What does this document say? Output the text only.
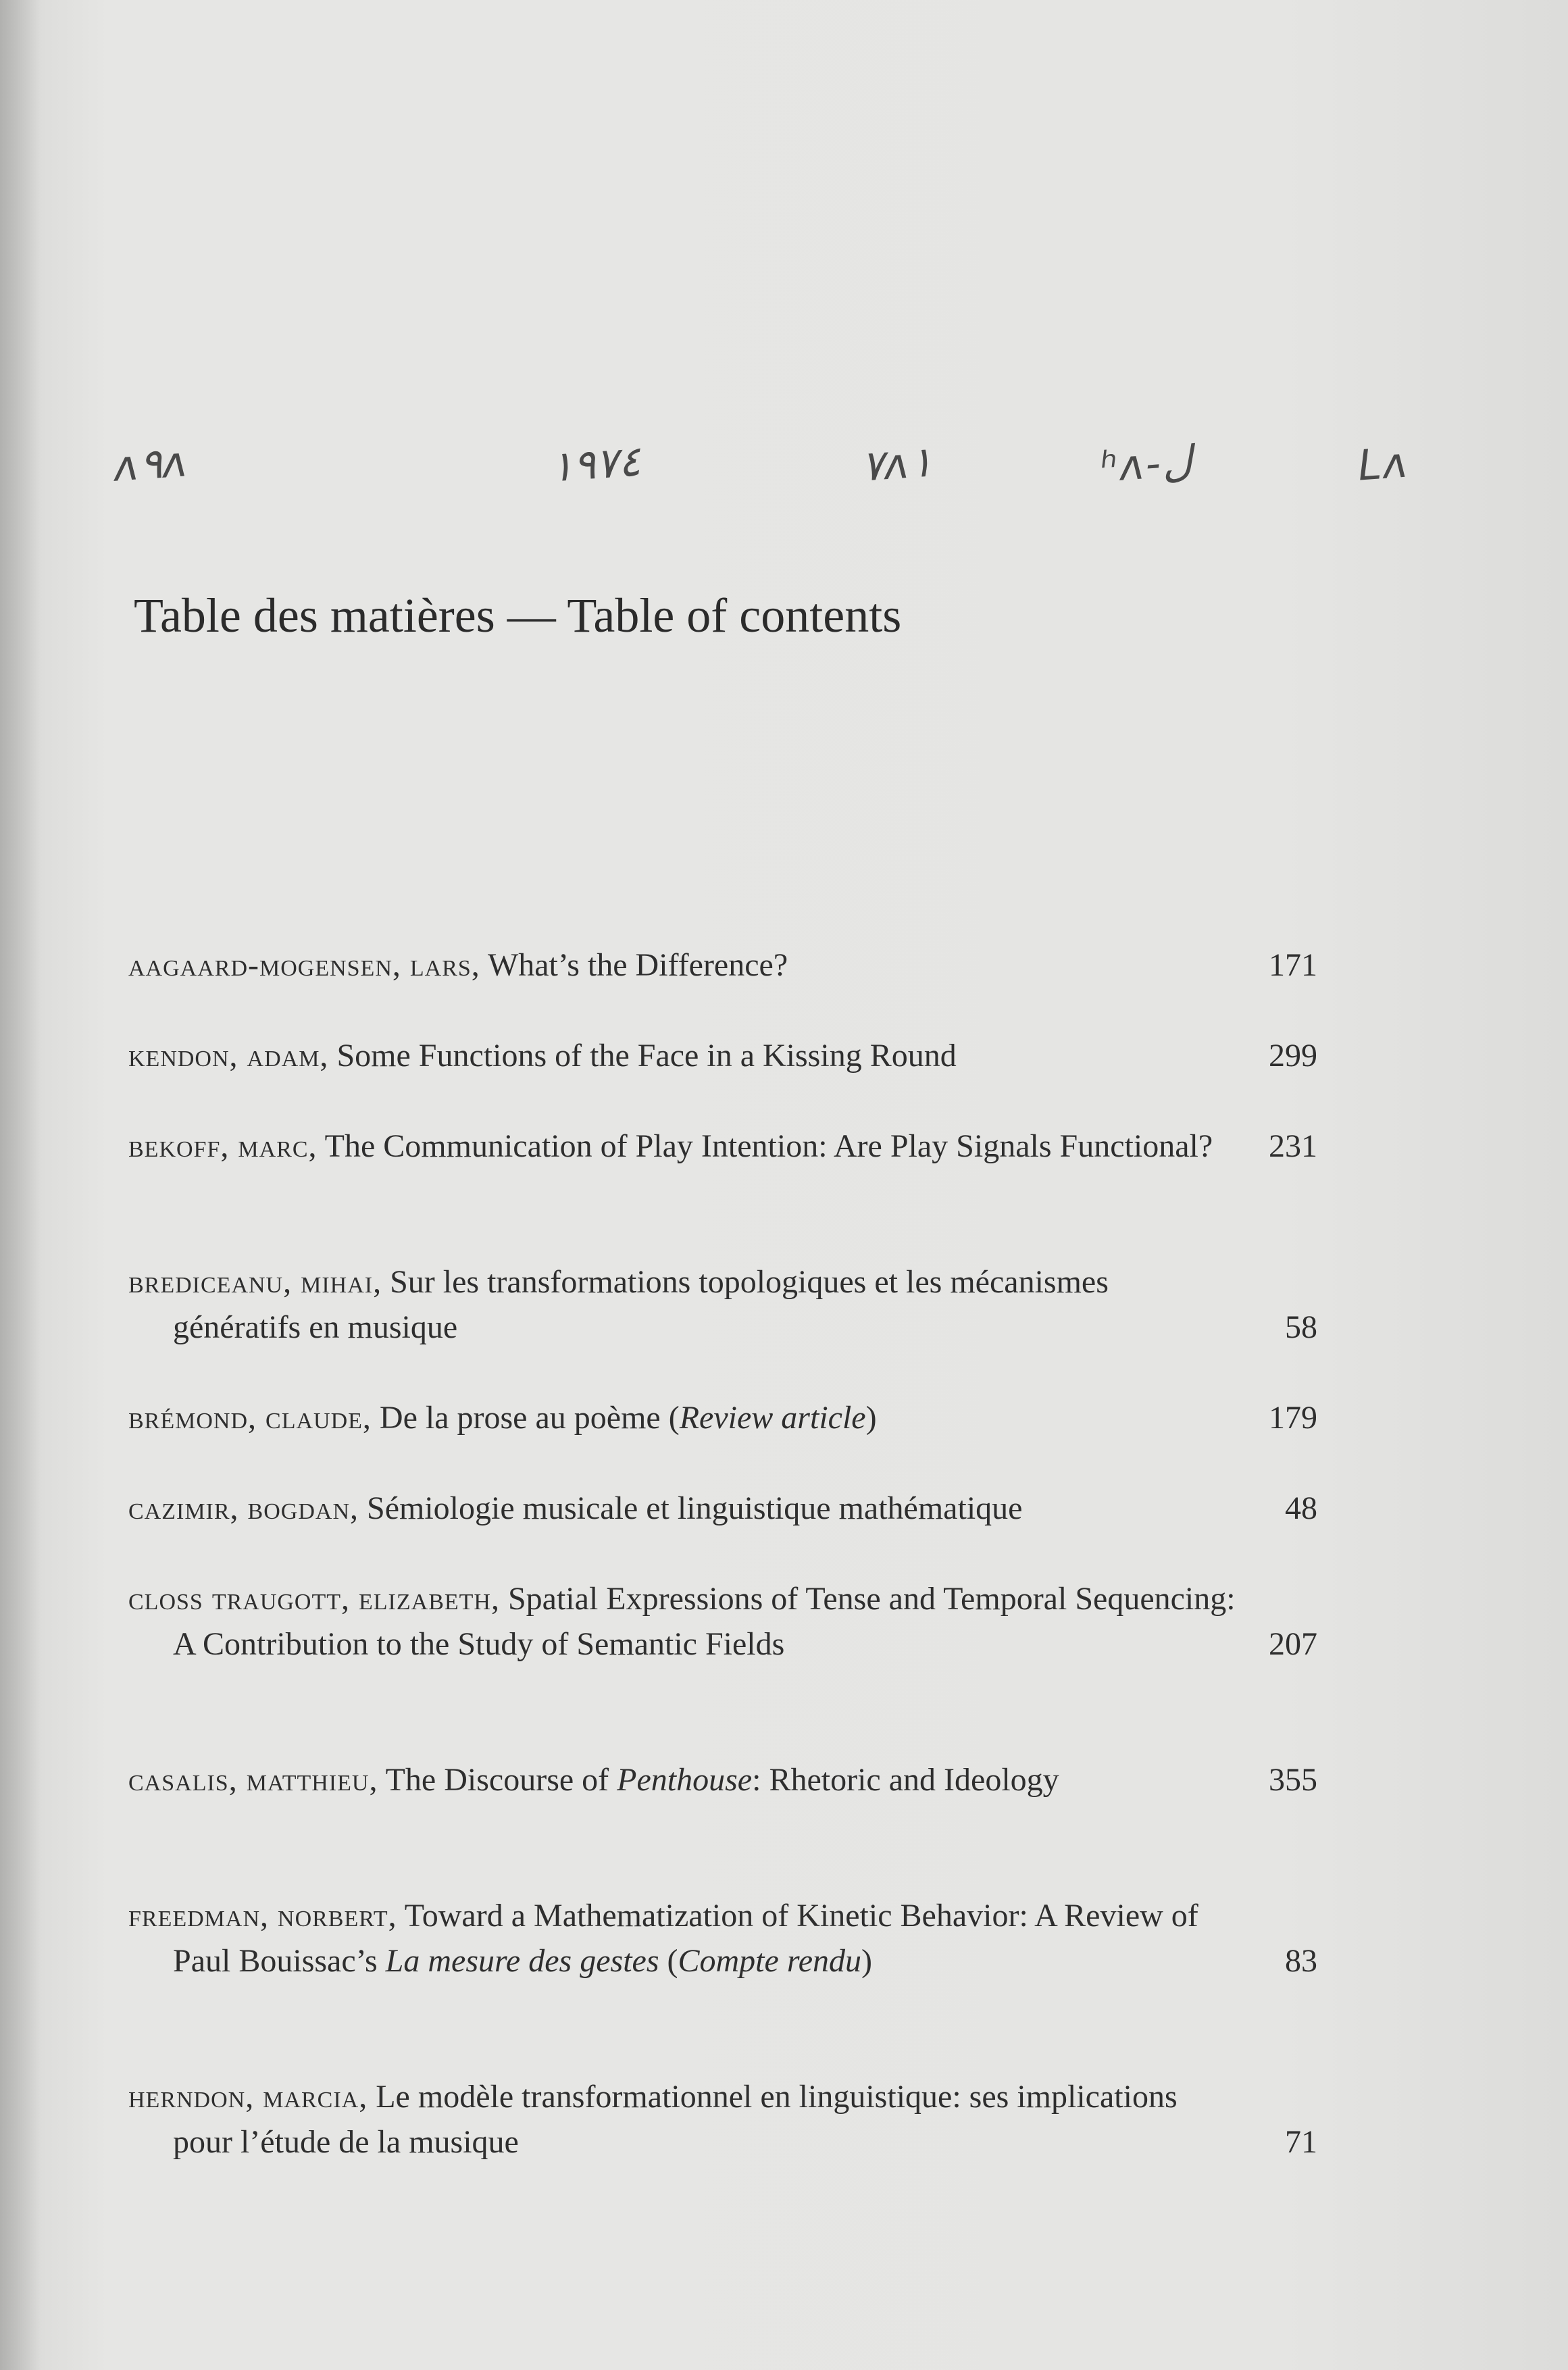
ʌ٩ʌ	١٩٧٤	٧ʌ١	ʰʌ-ل	Lʌ
Table des matières — Table of contents
aagaard-mogensen, lars, What’s the Difference?	171
kendon, adam, Some Functions of the Face in a Kissing Round	299
bekoff, marc, The Communication of Play Intention: Are Play Signals Functional?	231
brediceanu, mihai, Sur les transformations topologiques et les mécanismes génératifs en musique	58
brémond, claude, De la prose au poème (Review article)	179
cazimir, bogdan, Sémiologie musicale et linguistique mathématique	48
closs traugott, elizabeth, Spatial Expressions of Tense and Temporal Sequencing: A Contribution to the Study of Semantic Fields	207
casalis, matthieu, The Discourse of Penthouse: Rhetoric and Ideology	355
freedman, norbert, Toward a Mathematization of Kinetic Behavior: A Review of Paul Bouissac’s La mesure des gestes (Compte rendu)	83
herndon, marcia, Le modèle transformationnel en linguistique: ses implications pour l’étude de la musique	71
